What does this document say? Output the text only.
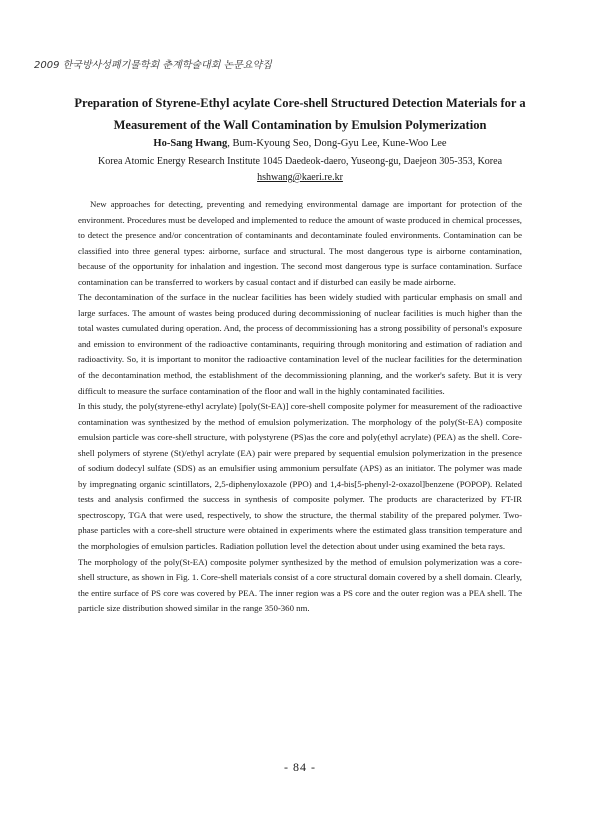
2009 한국방사성폐기물학회 춘계학술대회 논문요약집
Preparation of Styrene-Ethyl acylate Core-shell Structured Detection Materials for a
Measurement of the Wall Contamination by Emulsion Polymerization
Ho-Sang Hwang, Bum-Kyoung Seo, Dong-Gyu Lee, Kune-Woo Lee
Korea Atomic Energy Research Institute 1045 Daedeok-daero, Yuseong-gu, Daejeon 305-353, Korea
hshwang@kaeri.re.kr

New approaches for detecting, preventing and remedying environmental damage are important for protection of the environment. Procedures must be developed and implemented to reduce the amount of waste produced in chemical processes, to detect the presence and/or concentration of contaminants and decontaminate fouled environments. Contamination can be classified into three general types: airborne, surface and structural. The most dangerous type is airborne contamination, because of the opportunity for inhalation and ingestion. The second most dangerous type is surface contamination. Surface contamination can be transferred to workers by casual contact and if disturbed can easily be made airborne.

The decontamination of the surface in the nuclear facilities has been widely studied with particular emphasis on small and large surfaces. The amount of wastes being produced during decommissioning of nuclear facilities is much higher than the total wastes cumulated during operation. And, the process of decommissioning has a strong possibility of personal's exposure and emission to environment of the radioactive contaminants, requiring through monitoring and estimation of radiation and radioactivity. So, it is important to monitor the radioactive contamination level of the nuclear facilities for the determination of the decontamination method, the establishment of the decommissioning planning, and the worker's safety. But it is very difficult to measure the surface contamination of the floor and wall in the highly contaminated facilities.

In this study, the poly(styrene-ethyl acrylate) [poly(St-EA)] core-shell composite polymer for measurement of the radioactive contamination was synthesized by the method of emulsion polymerization. The morphology of the poly(St-EA) composite emulsion particle was core-shell structure, with polystyrene (PS)as the core and poly(ethyl acrylate) (PEA) as the shell. Core-shell polymers of styrene (St)/ethyl acrylate (EA) pair were prepared by sequential emulsion polymerization in the presence of sodium dodecyl sulfate (SDS) as an emulsifier using ammonium persulfate (APS) as an initiator. The polymer was made by impregnating organic scintillators, 2,5-diphenyloxazole (PPO) and 1,4-bis[5-phenyl-2-oxazol]benzene (POPOP). Related tests and analysis confirmed the success in synthesis of composite polymer. The products are characterized by FT-IR spectroscopy, TGA that were used, respectively, to show the structure, the thermal stability of the prepared polymer. Two-phase particles with a core-shell structure were obtained in experiments where the estimated glass transition temperature and the morphologies of emulsion particles. Radiation pollution level the detection about under using examined the beta rays.

The morphology of the poly(St-EA) composite polymer synthesized by the method of emulsion polymerization was a core-shell structure, as shown in Fig. 1. Core-shell materials consist of a core structural domain covered by a shell domain. Clearly, the entire surface of PS core was covered by PEA. The inner region was a PS core and the outer region was a PEA shell. The particle size distribution showed similar in the range 350-360 nm.

- 84 -
